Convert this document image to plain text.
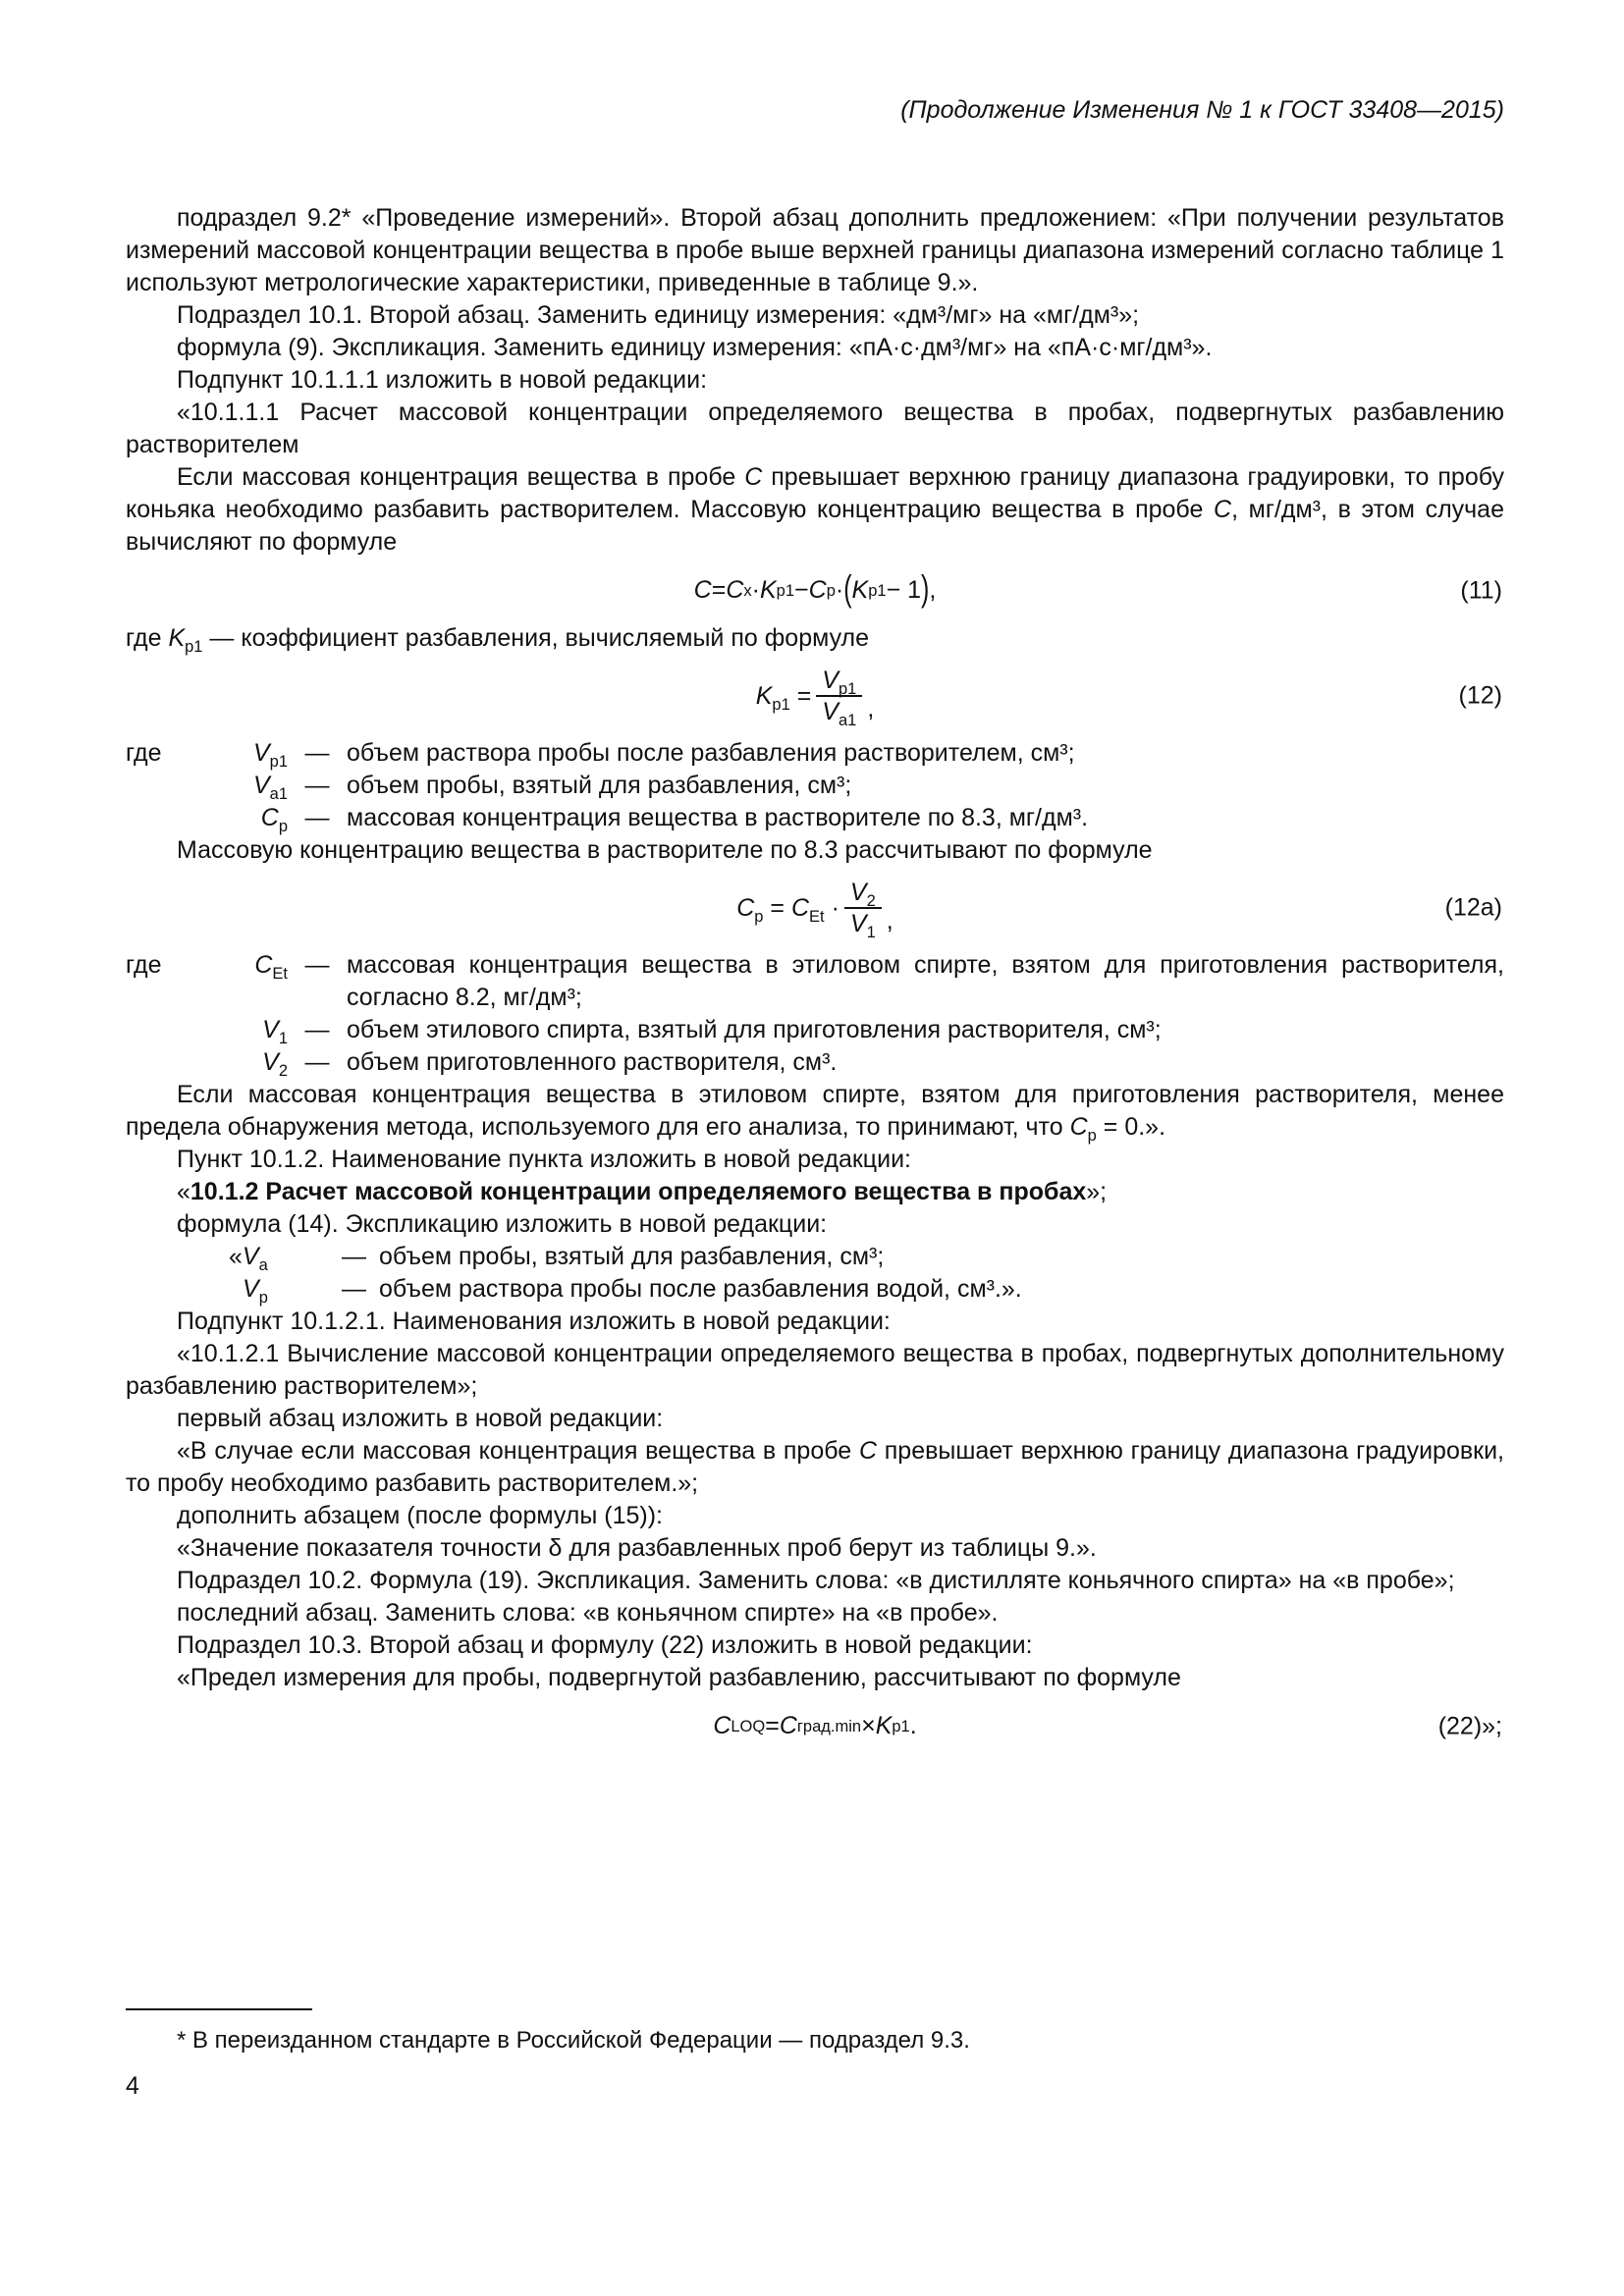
(Продолжение Изменения № 1 к ГОСТ 33408—2015)

подраздел 9.2* «Проведение измерений». Второй абзац дополнить предложением: «При получении результатов измерений массовой концентрации вещества в пробе выше верхней границы диапазона измерений согласно таблице 1 используют метрологические характеристики, приведенные в таблице 9.».

Подраздел 10.1. Второй абзац. Заменить единицу измерения: «дм³/мг» на «мг/дм³»;

формула (9). Экспликация. Заменить единицу измерения: «пА·с·дм³/мг» на «пА·с·мг/дм³».

Подпункт 10.1.1.1 изложить в новой редакции:

«10.1.1.1 Расчет массовой концентрации определяемого вещества в пробах, подвергнутых разбавлению растворителем

Если массовая концентрация вещества в пробе С превышает верхнюю границу диапазона градуировки, то пробу коньяка необходимо разбавить растворителем. Массовую концентрацию вещества в пробе С, мг/дм³, в этом случае вычисляют по формуле

C = C x · K р1 − C р · ( K р1 − 1 ) ,	(11)

где $K_{р1}$ — коэффициент разбавления, вычисляемый по формуле

$K_{р1} = \frac{V_{р1}}{V_{а1}}$ ,	(12)
где	$V_{р1}$ — объем раствора пробы после разбавления растворителем, см³;
$V_{а1}$ — объем пробы, взятый для разбавления, см³;
$С_р$ — массовая концентрация вещества в растворителе по 8.3, мг/дм³.

Массовую концентрацию вещества в растворителе по 8.3 рассчитывают по формуле

$C_р = C_{Et} \cdot \frac{V_2}{V_1}$ ,	(12а)
где	$C_{Et}$ — массовая концентрация вещества в этиловом спирте, взятом для приготовления растворителя, согласно 8.2, мг/дм³;
$V_1$ — объем этилового спирта, взятый для приготовления растворителя, см³;
$V_2$ — объем приготовленного растворителя, см³.

Если массовая концентрация вещества в этиловом спирте, взятом для приготовления растворителя, менее предела обнаружения метода, используемого для его анализа, то принимают, что $С_р = 0$.».

Пункт 10.1.2. Наименование пункта изложить в новой редакции:

«10.1.2 Расчет массовой концентрации определяемого вещества в пробах»;

формула (14). Экспликацию изложить в новой редакции:

«$V_а$	— объем пробы, взятый для разбавления, см³;
$V_р$	— объем раствора пробы после разбавления водой, см³.».

Подпункт 10.1.2.1. Наименования изложить в новой редакции:

«10.1.2.1 Вычисление массовой концентрации определяемого вещества в пробах, подвергнутых дополнительному разбавлению растворителем»;

первый абзац изложить в новой редакции:

«В случае если массовая концентрация вещества в пробе С превышает верхнюю границу диапазона градуировки, то пробу необходимо разбавить растворителем.»;

дополнить абзацем (после формулы (15)):

«Значение показателя точности δ для разбавленных проб берут из таблицы 9.».

Подраздел 10.2. Формула (19). Экспликация. Заменить слова: «в дистилляте коньячного спирта» на «в пробе»;

последний абзац. Заменить слова: «в коньячном спирте» на «в пробе».

Подраздел 10.3. Второй абзац и формулу (22) изложить в новой редакции:

«Предел измерения для пробы, подвергнутой разбавлению, рассчитывают по формуле

C LOQ = C град.min × K р1 .	(22)»;

* В переизданном стандарте в Российской Федерации — подраздел 9.3.

4
